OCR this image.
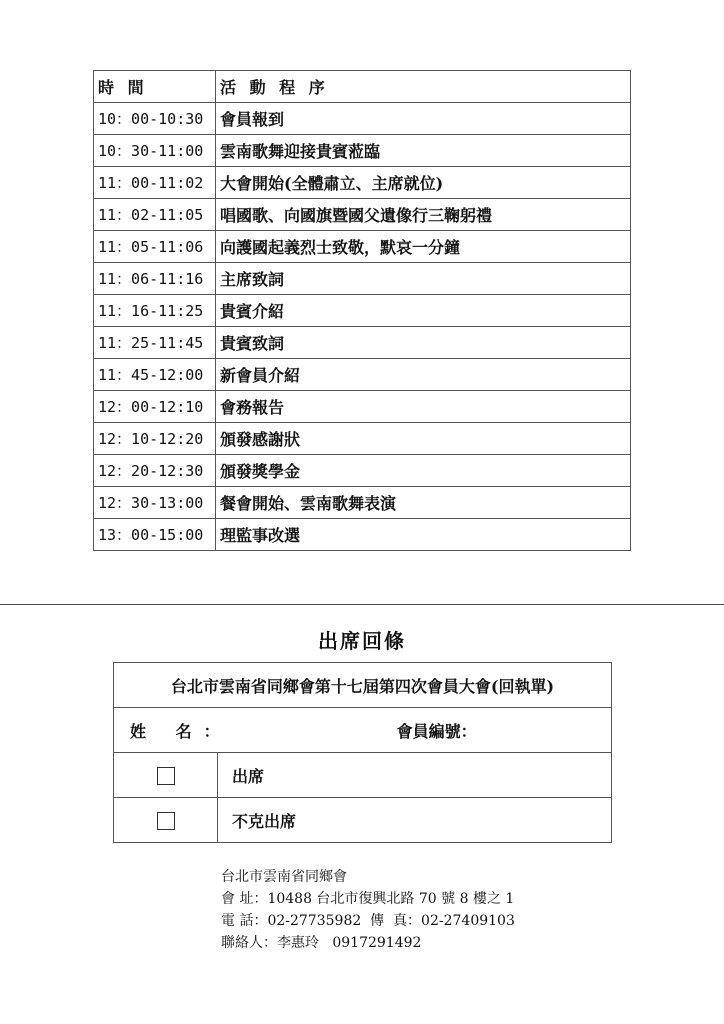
時 間	活 動 程 序
10：00-10:30	會員報到
10：30-11:00	雲南歌舞迎接貴賓蒞臨
11：00-11:02	大會開始(全體肅立、主席就位)
11：02-11:05	唱國歌、向國旗暨國父遺像行三鞠躬禮
11：05-11:06	向護國起義烈士致敬，默哀一分鐘
11：06-11:16	主席致詞
11：16-11:25	貴賓介紹
11：25-11:45	貴賓致詞
11：45-12:00	新會員介紹
12：00-12:10	會務報告
12：10-12:20	頒發感謝狀
12：20-12:30	頒發獎學金
12：30-13:00	餐會開始、雲南歌舞表演
13：00-15:00	理監事改選
出席回條
台北市雲南省同鄉會第十七屆第四次會員大會(回執單)	
姓 名： 會員編號：	
	出席
	不克出席
台北市雲南省同鄉會
會 址：10488 台北市復興北路 70 號 8 樓之 1
電 話：02-27735982  傳  真：02-27409103
聯絡人：李惠玲   0917291492
